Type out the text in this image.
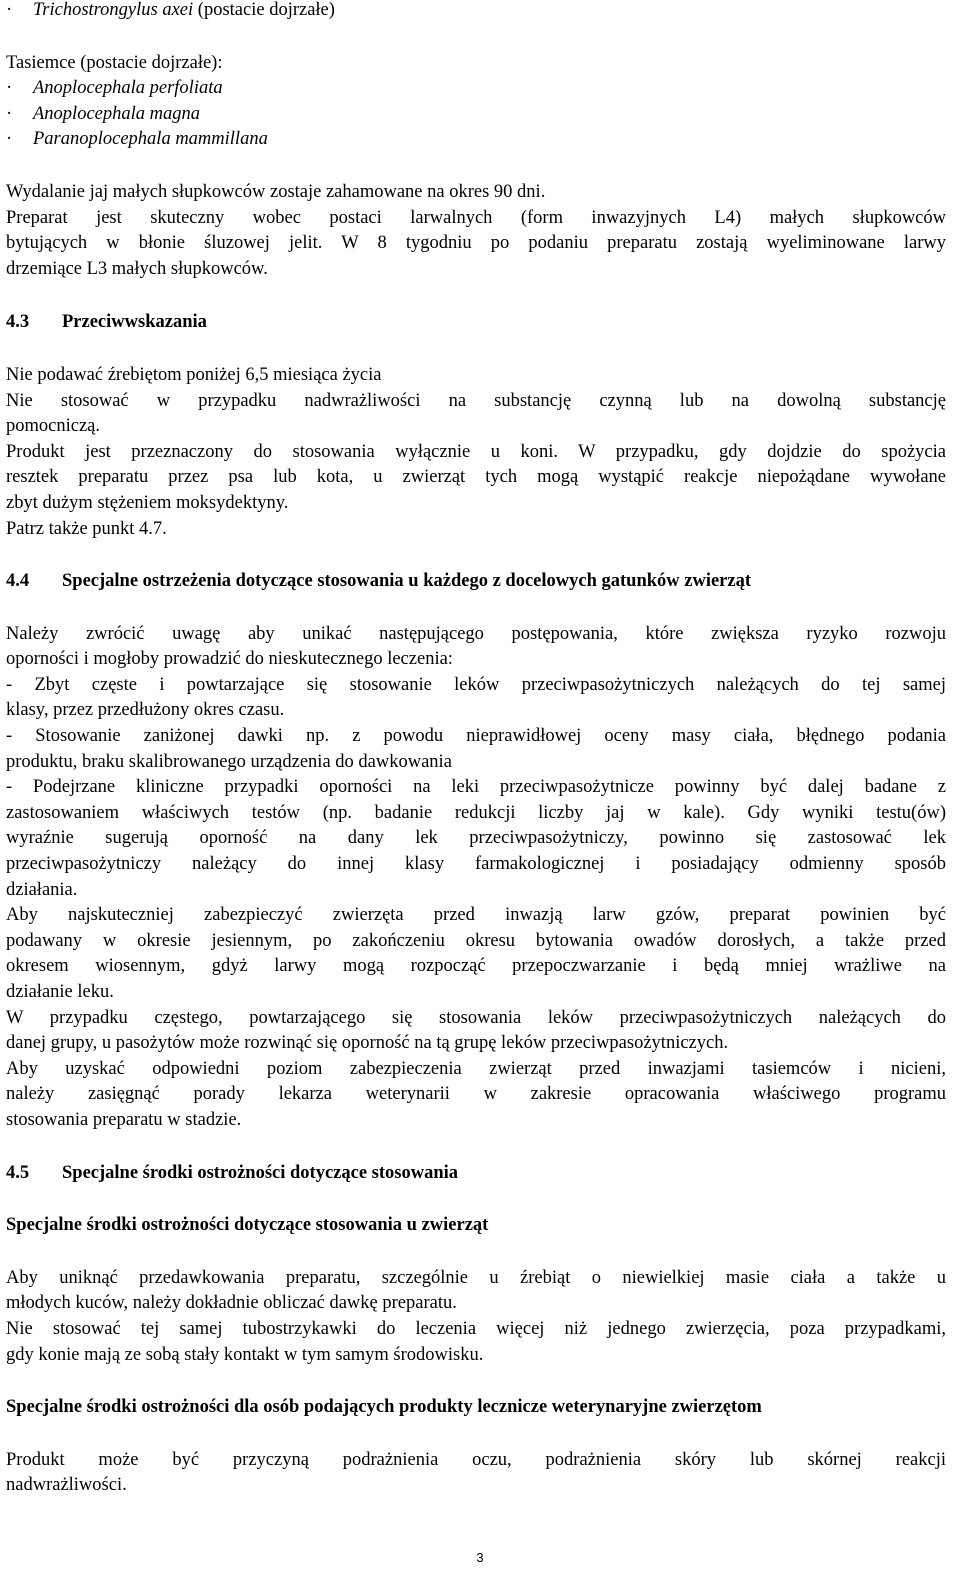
· Trichostrongylus axei (postacie dojrzałe)
Tasiemce (postacie dojrzałe):
· Anoplocephala perfoliata
· Anoplocephala magna
· Paranoplocephala mammillana
Wydalanie jaj małych słupkowców zostaje zahamowane na okres 90 dni.
Preparat jest skuteczny wobec postaci larwalnych (form inwazyjnych L4) małych słupkowców
bytujących w błonie śluzowej jelit. W 8 tygodniu po podaniu preparatu zostają wyeliminowane larwy
drzemiące L3 małych słupkowców.
4.3 Przeciwwskazania
Nie podawać źrebiętom poniżej 6,5 miesiąca życia
Nie stosować w przypadku nadwrażliwości na substancję czynną lub na dowolną substancję
pomocniczą.
Produkt jest przeznaczony do stosowania wyłącznie u koni. W przypadku, gdy dojdzie do spożycia
resztek preparatu przez psa lub kota, u zwierząt tych mogą wystąpić reakcje niepożądane wywołane
zbyt dużym stężeniem moksydektyny.
Patrz także punkt 4.7.
4.4 Specjalne ostrzeżenia dotyczące stosowania u każdego z docelowych gatunków zwierząt
Należy zwrócić uwagę aby unikać następującego postępowania, które zwiększa ryzyko rozwoju
oporności i mogłoby prowadzić do nieskutecznego leczenia:
- Zbyt częste i powtarzające się stosowanie leków przeciwpasożytniczych należących do tej samej
klasy, przez przedłużony okres czasu.
- Stosowanie zaniżonej dawki np. z powodu nieprawidłowej oceny masy ciała, błędnego podania
produktu, braku skalibrowanego urządzenia do dawkowania
- Podejrzane kliniczne przypadki oporności na leki przeciwpasożytnicze powinny być dalej badane z
zastosowaniem właściwych testów (np. badanie redukcji liczby jaj w kale). Gdy wyniki testu(ów)
wyraźnie sugerują oporność na dany lek przeciwpasożytniczy, powinno się zastosować lek
przeciwpasożytniczy należący do innej klasy farmakologicznej i posiadający odmienny sposób
działania.
Aby najskuteczniej zabezpieczyć zwierzęta przed inwazją larw gzów, preparat powinien być
podawany w okresie jesiennym, po zakończeniu okresu bytowania owadów dorosłych, a także przed
okresem wiosennym, gdyż larwy mogą rozpocząć przepoczwarzanie i będą mniej wrażliwe na
działanie leku.
W przypadku częstego, powtarzającego się stosowania leków przeciwpasożytniczych należących do
danej grupy, u pasożytów może rozwinąć się oporność na tą grupę leków przeciwpasożytniczych.
Aby uzyskać odpowiedni poziom zabezpieczenia zwierząt przed inwazjami tasiemców i nicieni,
należy zasięgnąć porady lekarza weterynarii w zakresie opracowania właściwego programu
stosowania preparatu w stadzie.
4.5 Specjalne środki ostrożności dotyczące stosowania
Specjalne środki ostrożności dotyczące stosowania u zwierząt
Aby uniknąć przedawkowania preparatu, szczególnie u źrebiąt o niewielkiej masie ciała a także u
młodych kuców, należy dokładnie obliczać dawkę preparatu.
Nie stosować tej samej tubostrzykawki do leczenia więcej niż jednego zwierzęcia, poza przypadkami,
gdy konie mają ze sobą stały kontakt w tym samym środowisku.
Specjalne środki ostrożności dla osób podających produkty lecznicze weterynaryjne zwierzętom
Produkt może być przyczyną podrażnienia oczu, podrażnienia skóry lub skórnej reakcji
nadwrażliwości.
3
